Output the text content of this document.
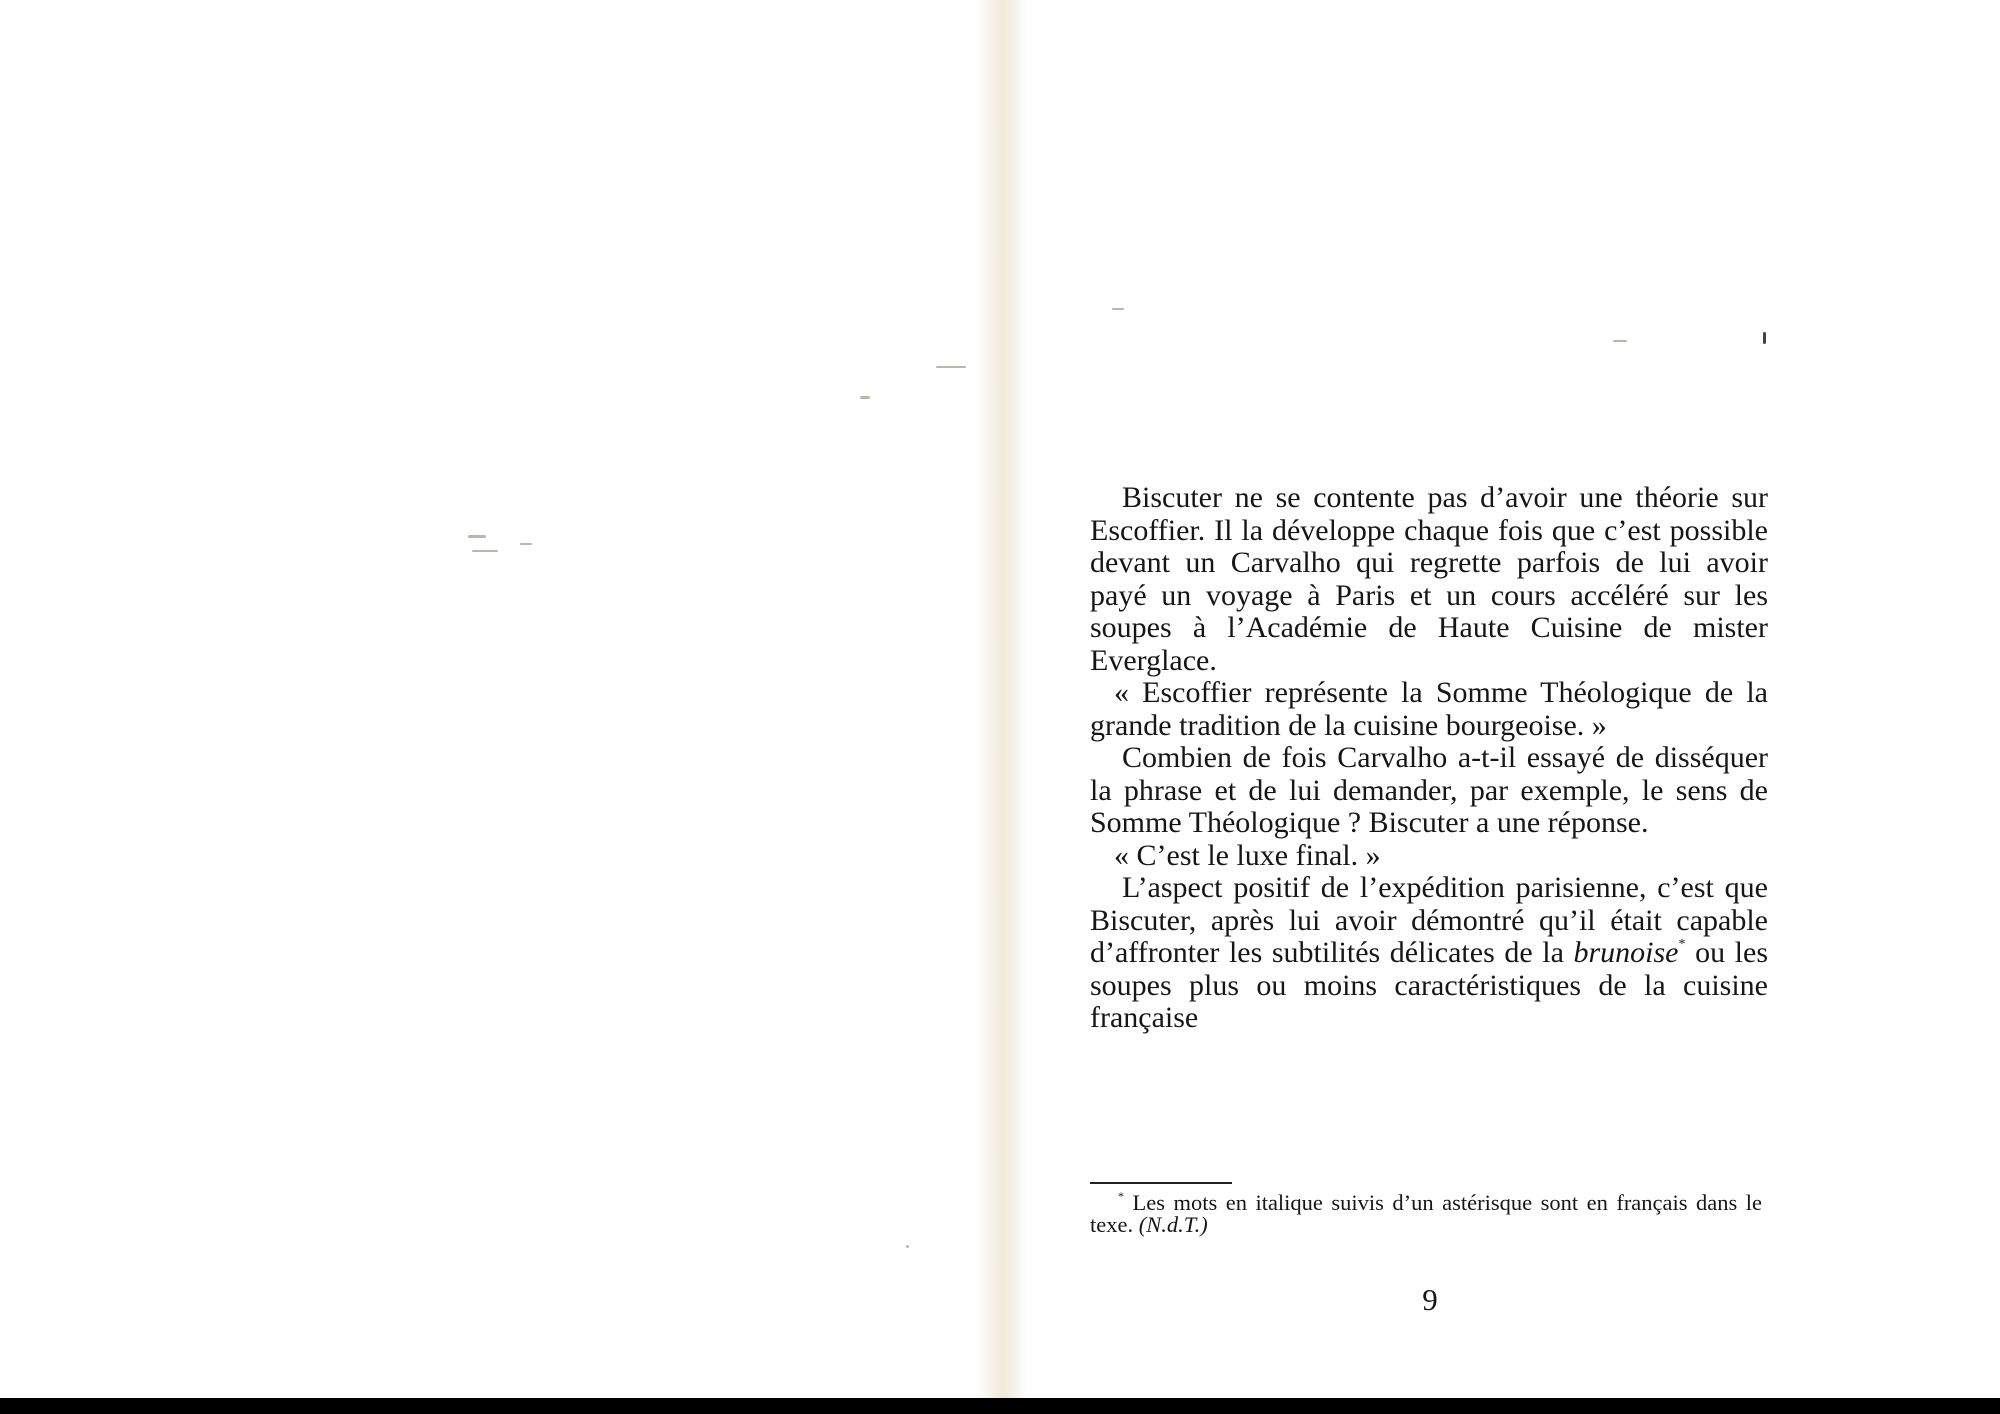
Biscuter ne se contente pas d’avoir une théorie sur Escoffier. Il la développe chaque fois que c’est possible devant un Carvalho qui regrette parfois de lui avoir payé un voyage à Paris et un cours accéléré sur les soupes à l’Académie de Haute Cuisine de mister Everglace.

« Escoffier représente la Somme Théologique de la grande tradition de la cuisine bourgeoise. »

Combien de fois Carvalho a-t-il essayé de disséquer la phrase et de lui demander, par exemple, le sens de Somme Théologique ? Biscuter a une réponse.

« C’est le luxe final. »

L’aspect positif de l’expédition parisienne, c’est que Biscuter, après lui avoir démontré qu’il était capable d’affronter les subtilités délicates de la brunoise* ou les soupes plus ou moins caractéristiques de la cuisine française

* Les mots en italique suivis d’un astérisque sont en français dans le texe. (N.d.T.)
9
